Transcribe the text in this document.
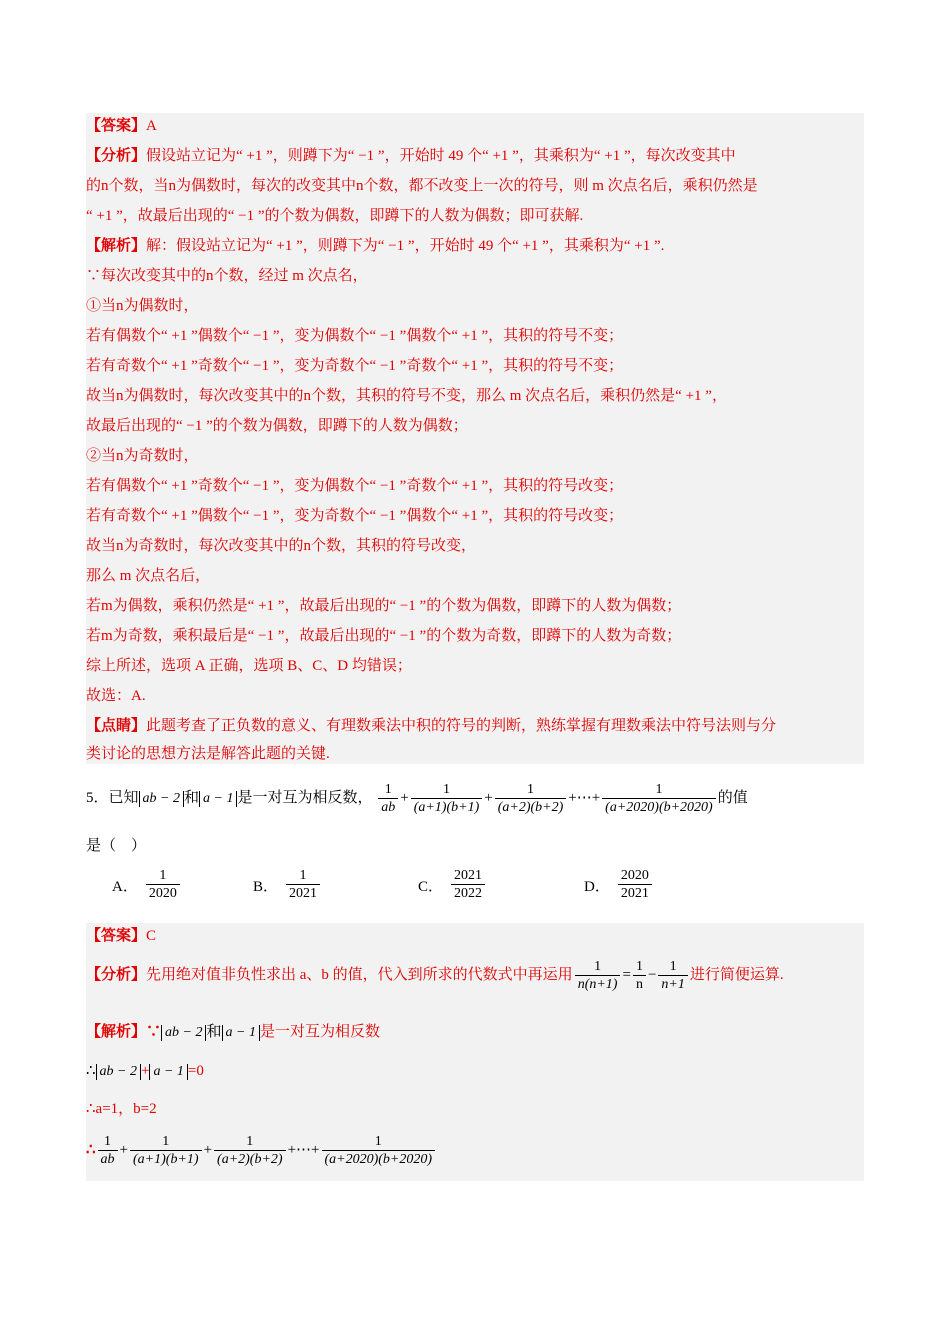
【答案】A
【分析】假设站立记为“ +1 ”，则蹲下为“ −1 ”，开始时 49 个“ +1 ”，其乘积为“ +1 ”，每次改变其中
的n个数，当n为偶数时，每次的改变其中n个数，都不改变上一次的符号，则 m 次点名后，乘积仍然是
“ +1 ”，故最后出现的“ −1 ”的个数为偶数，即蹲下的人数为偶数；即可获解.
【解析】解：假设站立记为“ +1 ”，则蹲下为“ −1 ”，开始时 49 个“ +1 ”，其乘积为“ +1 ”.
∵每次改变其中的n个数，经过 m 次点名，
①当n为偶数时，
若有偶数个“ +1 ”偶数个“ −1 ”，变为偶数个“ −1 ”偶数个“ +1 ”，其积的符号不变；
若有奇数个“ +1 ”奇数个“ −1 ”，变为奇数个“ −1 ”奇数个“ +1 ”，其积的符号不变；
故当n为偶数时，每次改变其中的n个数，其积的符号不变，那么 m 次点名后，乘积仍然是“ +1 ”，
故最后出现的“ −1 ”的个数为偶数，即蹲下的人数为偶数；
②当n为奇数时，
若有偶数个“ +1 ”奇数个“ −1 ”，变为偶数个“ −1 ”奇数个“ +1 ”，其积的符号改变；
若有奇数个“ +1 ”偶数个“ −1 ”，变为奇数个“ −1 ”偶数个“ +1 ”，其积的符号改变；
故当n为奇数时，每次改变其中的n个数，其积的符号改变，
那么 m 次点名后，
若m为偶数，乘积仍然是“ +1 ”，故最后出现的“ −1 ”的个数为偶数，即蹲下的人数为偶数；
若m为奇数，乘积最后是“ −1 ”，故最后出现的“ −1 ”的个数为奇数，即蹲下的人数为奇数；
综上所述，选项 A 正确，选项 B、C、D 均错误；
故选：A.
【点睛】此题考查了正负数的意义、有理数乘法中积的符号的判断，熟练掌握有理数乘法中符号法则与分
类讨论的思想方法是解答此题的关键.
5．已知 ab − 2 和 a − 1 是一对互为相反数， $\frac{1}{ab} + \frac{1}{(a+1)(b+1)} + \frac{1}{(a+2)(b+2)}$ +⋯+ $\frac{1}{(a+2020)(b+2020)}$ 的值
是（　）
A． $\frac{1}{2020}$	B． $\frac{1}{2021}$	C． $\frac{2021}{2022}$	D． $\frac{2020}{2021}$
【答案】C
【分析】先用绝对值非负性求出 a、b 的值，代入到所求的代数式中再运用 $\frac{1}{n(n+1)} = \frac{1}{n} - \frac{1}{n+1}$ 进行简便运算.
【解析】∵ ab − 2 和 a − 1 是一对互为相反数
∴ ab − 2 + a − 1 =0
∴a=1，b=2
∴ $\frac{1}{ab} + \frac{1}{(a+1)(b+1)} + \frac{1}{(a+2)(b+2)}$ +⋯+ $\frac{1}{(a+2020)(b+2020)}$
